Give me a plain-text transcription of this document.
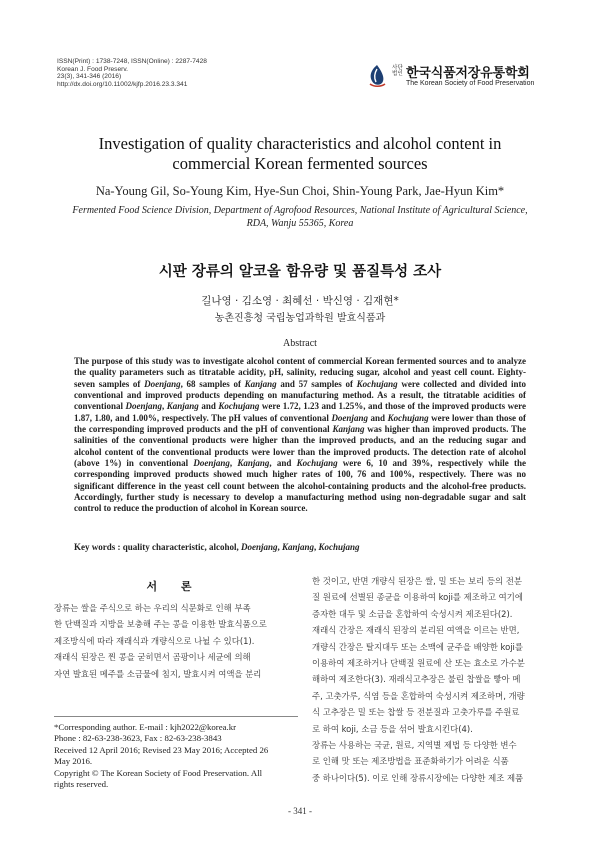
ISSN(Print) : 1738-7248, ISSN(Online) : 2287-7428
Korean J. Food Preserv.
23(3), 341-346 (2016)
http://dx.doi.org/10.11002/kjfp.2016.23.3.341
사단법인 한국식품저장유통학회
The Korean Society of Food Preservation
Investigation of quality characteristics and alcohol content in
commercial Korean fermented sources
Na-Young Gil, So-Young Kim, Hye-Sun Choi, Shin-Young Park, Jae-Hyun Kim*
Fermented Food Science Division, Department of Agrofood Resources, National Institute of Agricultural Science,
RDA, Wanju 55365, Korea
시판 장류의 알코올 함유량 및 품질특성 조사
길나영 · 김소영 · 최혜선 · 박신영 · 김재현*
농촌진흥청 국립농업과학원 발효식품과
Abstract
The purpose of this study was to investigate alcohol content of commercial Korean fermented sources and to analyze the quality parameters such as titratable acidity, pH, salinity, reducing sugar, alcohol and yeast cell count. Eighty-seven samples of Doenjang, 68 samples of Kanjang and 57 samples of Kochujang were collected and divided into conventional and improved products depending on manufacturing method. As a result, the titratable acidities of conventional Doenjang, Kanjang and Kochujang were 1.72, 1.23 and 1.25%, and those of the improved products were 1.87, 1.80, and 1.00%, respectively. The pH values of conventional Doenjang and Kochujang were lower than those of the corresponding improved products and the pH of conventional Kanjang was higher than improved products. The salinities of the conventional products were higher than the improved products, and an the reducing sugar and alcohol content of the conventional products were lower than the improved products. The detection rate of alcohol (above 1%) in conventional Doenjang, Kanjang, and Kochujang were 6, 10 and 39%, respectively while the corresponding improved products showed much higher rates of 100, 76 and 100%, respectively. There was no significant difference in the yeast cell count between the alcohol-containing products and the alcohol-free products. Accordingly, further study is necessary to develop a manufacturing method using non-degradable sugar and salt control to reduce the production of alcohol in Korean source.
Key words : quality characteristic, alcohol, Doenjang, Kanjang, Kochujang
서 론
장류는 쌀을 주식으로 하는 우리의 식문화로 인해 부족
한 단백질과 지방을 보충해 주는 콩을 이용한 발효식품으로
제조방식에 따라 재래식과 개량식으로 나뉠 수 있다(1).
재래식 된장은 찐 콩을 굳히면서 곰팡이나 세균에 의해
자연 발효된 메주를 소금물에 침지, 발효시켜 여액을 분리
한 것이고, 반면 개량식 된장은 쌀, 밀 또는 보리 등의 전분
질 원료에 선별된 종균을 이용하여 koji를 제조하고 여기에
증자한 대두 및 소금을 혼합하여 숙성시켜 제조된다(2).
재래식 간장은 재래식 된장의 분리된 여액을 이르는 반면,
개량식 간장은 탈지대두 또는 소맥에 균주을 배양한 koji를
이용하여 제조하거나 단백질 원료에 산 또는 효소로 가수분
해하여 제조한다(3). 재래식고추장은 불린 찹쌀을 빻아 메
주, 고춧가루, 식염 등을 혼합하여 숙성시켜 제조하며, 개량
식 고추장은 밀 또는 찹쌀 등 전분질과 고춧가루를 주원료
로 하여 koji, 소금 등을 섞어 발효시킨다(4).
장류는 사용하는 국균, 원료, 지역별 제법 등 다양한 변수
로 인해 맛 또는 제조방법을 표준화하기가 어려운 식품
중 하나이다(5). 이로 인해 장류시장에는 다양한 제조 제품
*Corresponding author. E-mail : kjh2022@korea.kr
Phone : 82-63-238-3623, Fax : 82-63-238-3843
Received 12 April 2016; Revised 23 May 2016; Accepted 26
May 2016.
Copyright © The Korean Society of Food Preservation. All
rights reserved.
- 341 -
